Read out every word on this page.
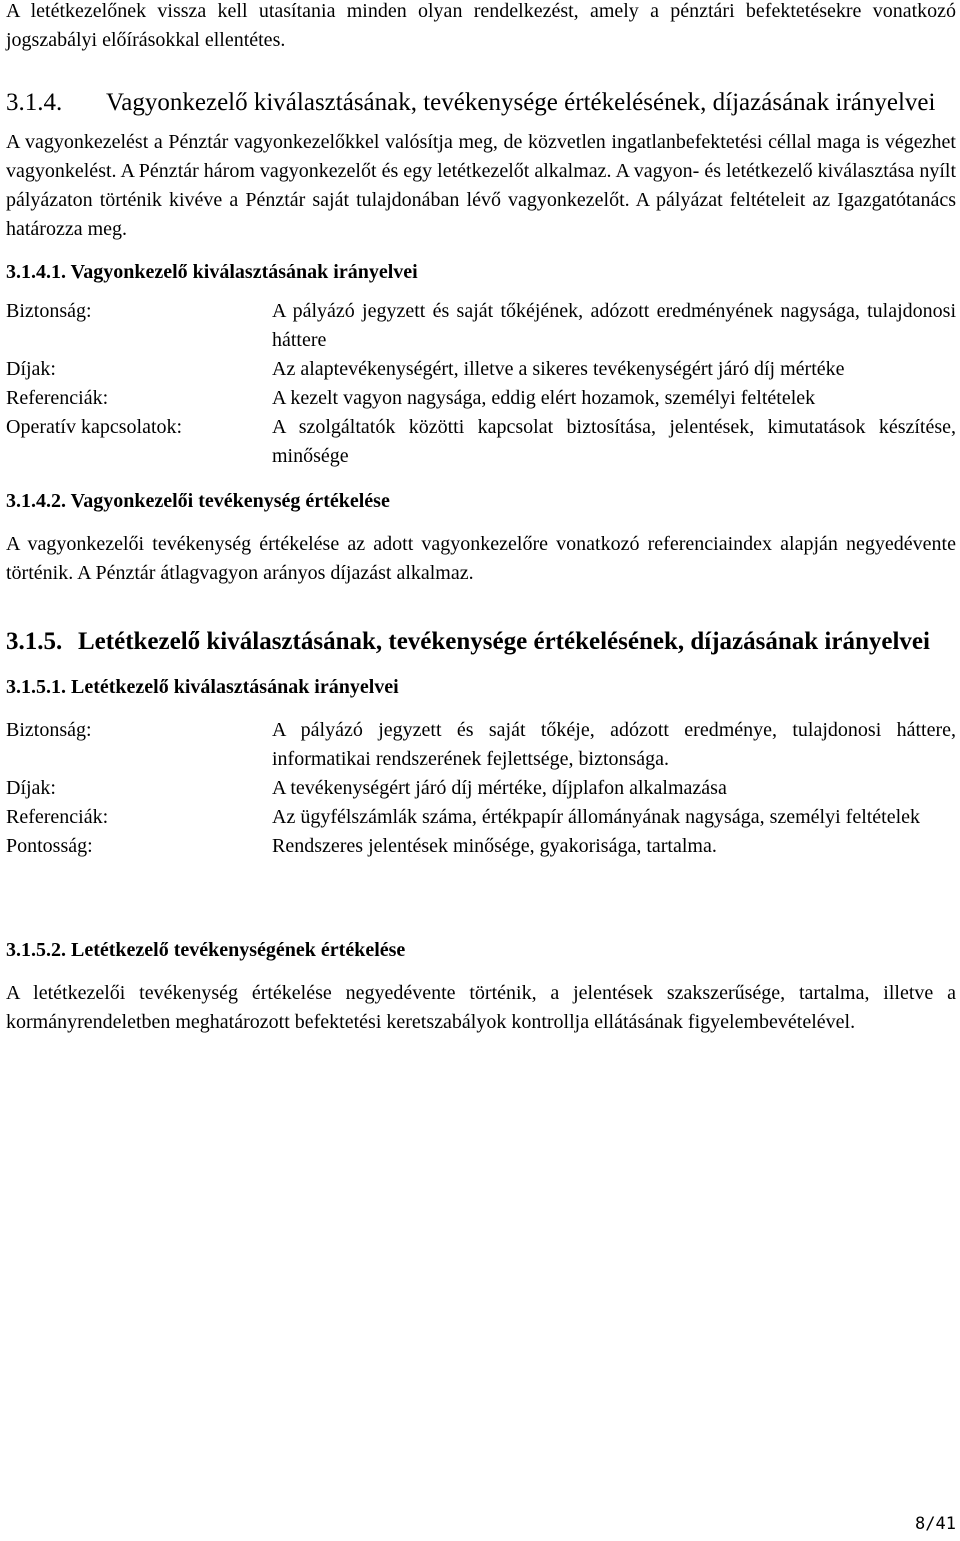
A letétkezelőnek vissza kell utasítania minden olyan rendelkezést, amely a pénztári befektetésekre vonatkozó jogszabályi előírásokkal ellentétes.

3.1.4. Vagyonkezelő kiválasztásának, tevékenysége értékelésének, díjazásának irányelvei

A vagyonkezelést a Pénztár vagyonkezelőkkel valósítja meg, de közvetlen ingatlanbefektetési céllal maga is végezhet vagyonkelést. A Pénztár három vagyonkezelőt és egy letétkezelőt alkalmaz. A vagyon- és letétkezelő kiválasztása nyílt pályázaton történik kivéve a Pénztár saját tulajdonában lévő vagyonkezelőt. A pályázat feltételeit az Igazgatótanács határozza meg.

3.1.4.1. Vagyonkezelő kiválasztásának irányelvei
Biztonság:	A pályázó jegyzett és saját tőkéjének, adózott eredményének nagysága, tulajdonosi háttere
Díjak:	Az alaptevékenységért, illetve a sikeres tevékenységért járó díj mértéke
Referenciák:	A kezelt vagyon nagysága, eddig elért hozamok, személyi feltételek
Operatív kapcsolatok:	A szolgáltatók közötti kapcsolat biztosítása, jelentések, kimutatások készítése, minősége
3.1.4.2. Vagyonkezelői tevékenység értékelése

A vagyonkezelői tevékenység értékelése az adott vagyonkezelőre vonatkozó referenciaindex alapján negyedévente történik. A Pénztár átlagvagyon arányos díjazást alkalmaz.

3.1.5. Letétkezelő kiválasztásának, tevékenysége értékelésének, díjazásának irányelvei
3.1.5.1. Letétkezelő kiválasztásának irányelvei
Biztonság:	A pályázó jegyzett és saját tőkéje, adózott eredménye, tulajdonosi háttere, informatikai rendszerének fejlettsége, biztonsága.
Díjak:	A tevékenységért járó díj mértéke, díjplafon alkalmazása
Referenciák:	Az ügyfélszámlák száma, értékpapír állományának nagysága, személyi feltételek
Pontosság:	Rendszeres jelentések minősége, gyakorisága, tartalma.
3.1.5.2. Letétkezelő tevékenységének értékelése

A letétkezelői tevékenység értékelése negyedévente történik, a jelentések szakszerűsége, tartalma, illetve a kormányrendeletben meghatározott befektetési keretszabályok kontrollja ellátásának figyelembevételével.

8/41
